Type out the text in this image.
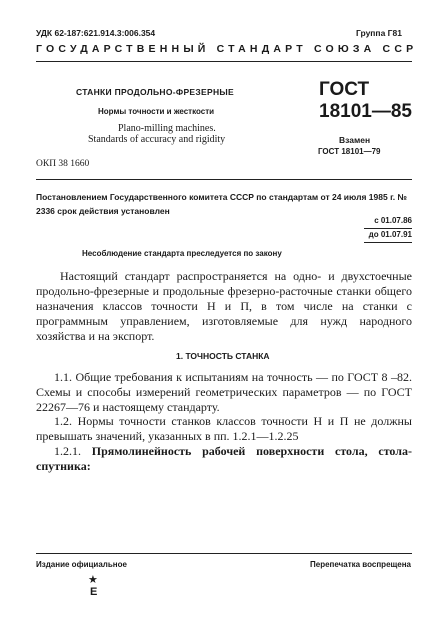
УДК 62-187:621.914.3:006.354	Группа Г81
ГОСУДАРСТВЕННЫЙ СТАНДАРТ СОЮЗА ССР
СТАНКИ ПРОДОЛЬНО-ФРЕЗЕРНЫЕ
Нормы точности и жесткости
Plano-milling machines.
Standards of accuracy and rigidity
ОКП 38 1660
ГОСТ
18101—85
Взамен
ГОСТ 18101—79
Постановлением Государственного комитета СССР по стандартам от 24 июля 1985 г. № 2336 срок действия установлен
с 01.07.86
до 01.07.91
Несоблюдение стандарта преследуется по закону
Настоящий стандарт распространяется на одно- и двухстоечные продольно-фрезерные и продольные фрезерно-расточные станки общего назначения классов точности Н и П, в том числе на станки с программным управлением, изготовляемые для нужд народного хозяйства и на экспорт.
1. ТОЧНОСТЬ СТАНКА
1.1. Общие требования к испытаниям на точность — по ГОСТ 8 –82. Схемы и способы измерений геометрических параметров — по ГОСТ 22267—76 и настоящему стандарту.
1.2. Нормы точности станков классов точности Н и П не должны превышать значений, указанных в пп. 1.2.1—1.2.25
1.2.1. Прямолинейность рабочей поверхности стола, стола-спутника:
Издание официальное	Перепечатка воспрещена
★
Е
